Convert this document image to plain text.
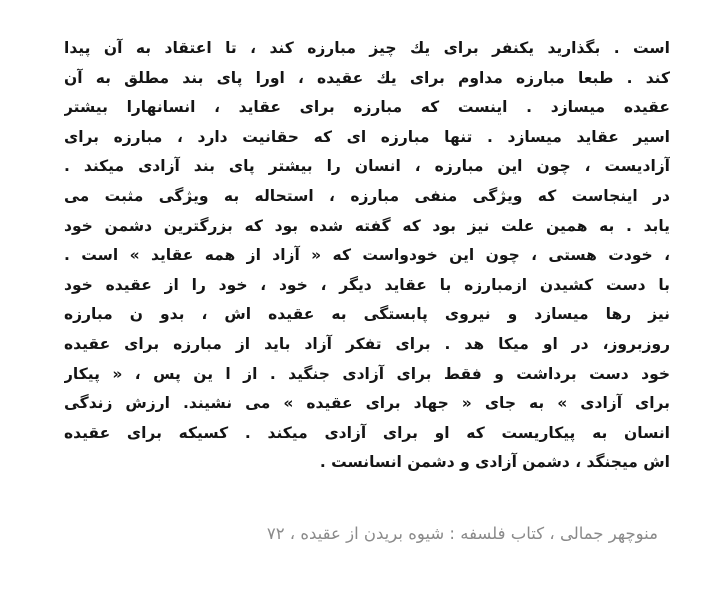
است . بگذارید یکنفر برای یك چیز مبارزه کند ، تا اعتقاد به آن پیدا
کند . طبعا مبارزه مداوم برای یك عقیده ، اورا پای بند مطلق به آن
عقیده میسازد . اینست که مبارزه برای عقاید ، انسانهارا بیشتر
اسیر عقاید میسازد . تنها مبارزه ای که حقانیت دارد ، مبارزه برای
آزادیست ، چون این مبارزه ، انسان را بیشتر پای بند آزادی میکند .
در اینجاست که ویژگی منفی مبارزه ، استحاله به ویژگی مثبت می
یابد . به همین علت نیز بود که گفته شده بود که بزرگترین دشمن خود
، خودت هستی ، چون این خودواست که « آزاد از همه عقاید » است .
با دست کشیدن ازمبارزه با عقاید دیگر ، خود ، خود را از عقیده خود
نیز رها میسازد و نیروی پابستگی به عقیده اش ، بدو ن مبارزه
روزبروز، در او میکا هد . برای تفکر آزاد باید از مبارزه برای عقیده
خود دست برداشت و فقط برای آزادی جنگید . از ا ین پس ، « پیکار
برای آزادی » به جای « جهاد برای عقیده » می نشیند. ارزش زندگی
انسان به پیکاریست که او برای آزادی میکند . کسیکه برای عقیده
اش میجنگد ، دشمن آزادی و دشمن انسانست .
منوچهر جمالی ، کتاب فلسفه : شیوه بریدن از عقیده ، ۷۲
